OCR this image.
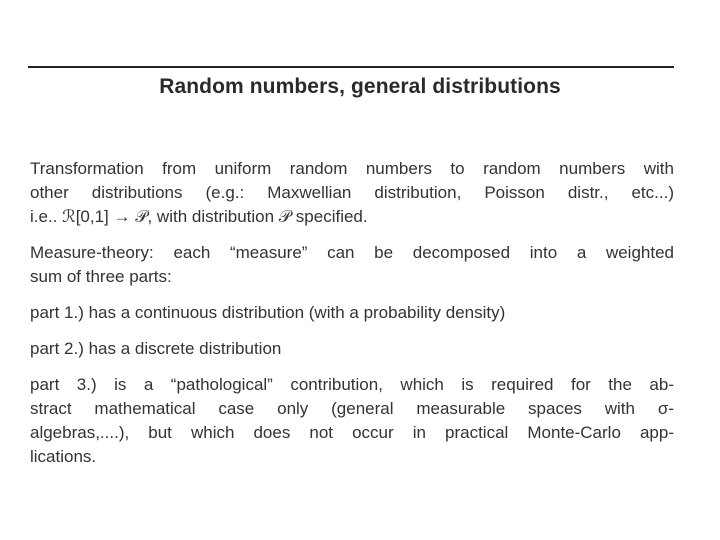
Random numbers, general distributions
Transformation from uniform random numbers to random numbers with
other distributions (e.g.: Maxwellian distribution, Poisson distr., etc...)
i.e.. ℛ[0,1] → 𝒫, with distribution 𝒫 specified.
Measure-theory: each “measure” can be decomposed into a weighted
sum of three parts:
part 1.) has a continuous distribution (with a probability density)
part 2.) has a discrete distribution
part 3.) is a “pathological” contribution, which is required for the ab-
stract mathematical case only (general measurable spaces with σ-
algebras,....), but which does not occur in practical Monte-Carlo app-
lications.
